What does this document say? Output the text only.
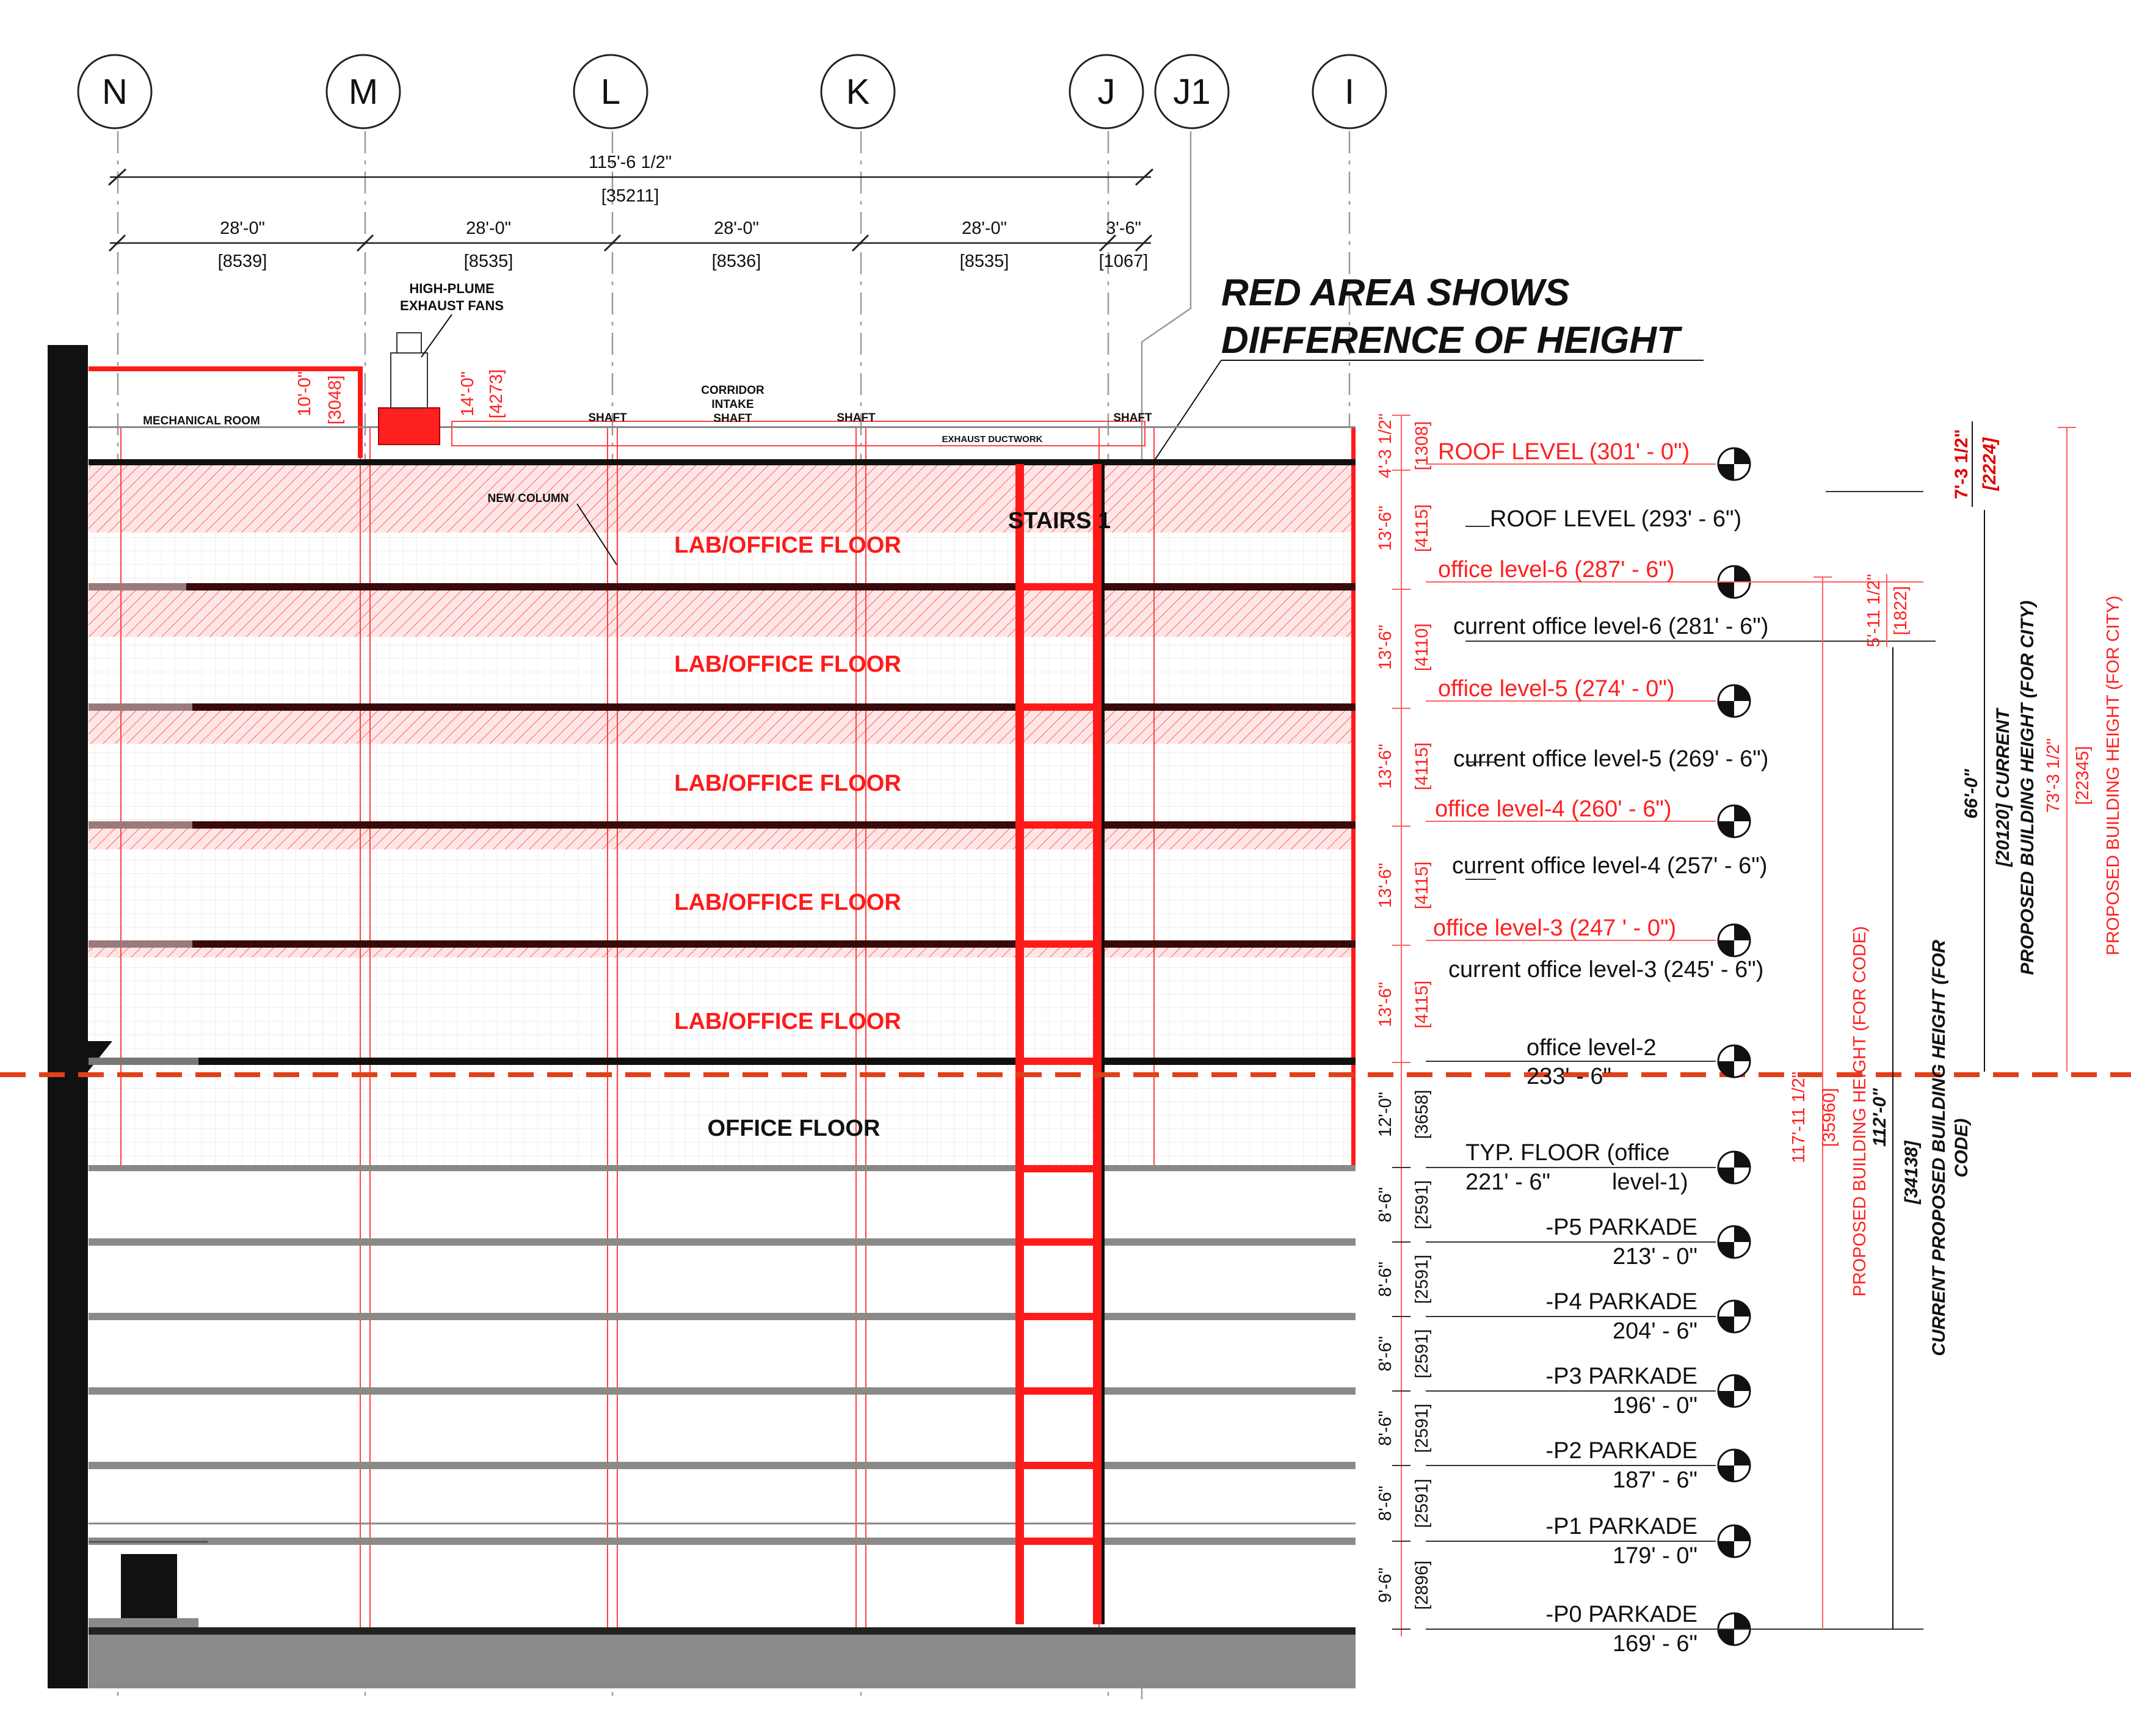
N	M	L	K	J J1	I
115'-6 1/2"
[35211]
28'-0"
[8539]
28'-0"
[8535]
28'-0"
[8536]
28'-0"
[8535]
3'-6"
[1067]
RED AREA SHOWS
DIFFERENCE OF HEIGHT
HIGH-PLUME
EXHAUST FANS
MECHANICAL ROOM	SHAFT
CORRIDOR
INTAKE
SHAFT	SHAFT	SHAFT
EXHAUST DUCTWORK
NEW COLUMN
STAIRS 1
10'-0" [3048]	14'-0" [4273]
LAB/OFFICE FLOOR
LAB/OFFICE FLOOR
LAB/OFFICE FLOOR
LAB/OFFICE FLOOR
LAB/OFFICE FLOOR
OFFICE FLOOR
4'-3 1/2" [1308]
13'-6" [4115]
13'-6" [4110]
13'-6" [4115]
13'-6" [4115]
13'-6" [4115]
12'-0" [3658]
8'-6" [2591]
8'-6" [2591]
8'-6" [2591]
8'-6" [2591]
8'-6" [2591]
9'-6" [2896]
ROOF LEVEL (301' - 0")
ROOF LEVEL (293' - 6")
office level-6 (287' - 6")
current office level-6 (281' - 6")
office level-5 (274' - 0")
current office level-5 (269' - 6")
office level-4 (260' - 6")
current office level-4 (257' - 6")
office level-3 (247 ' - 0")
current office level-3 (245' - 6")
office level-2
233' - 6"
TYP. FLOOR (office
221' - 6"	level-1)
-P5 PARKADE
213' - 0"
-P4 PARKADE
204' - 6"
-P3 PARKADE
196' - 0"
-P2 PARKADE
187' - 6"
-P1 PARKADE
179' - 0"
-P0 PARKADE
169' - 6"
5'-11 1/2" [1822]
7'-3 1/2" [2224]
117'-11 1/2" [35960] PROPOSED BUILDING HEIGHT (FOR CODE) 112'-0"
[34138] CURRENT PROPOSED BUILDING HEIGHT (FOR CODE)
66'-0" [20120] CURRENT PROPOSED BUILDING HEIGHT (FOR CITY) 73'-3 1/2" [22345] PROPOSED BUILDING HEIGHT (FOR CITY)
